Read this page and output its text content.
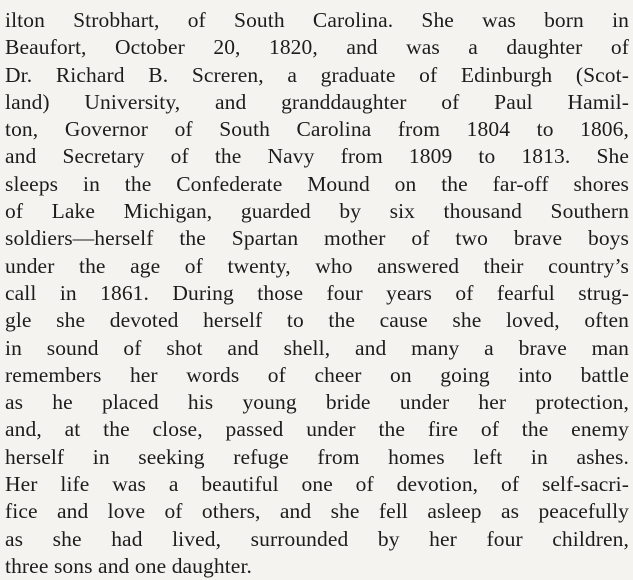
ilton Strobhart, of South Carolina. She was born in
Beaufort, October 20, 1820, and was a daughter of
Dr. Richard B. Screren, a graduate of Edinburgh (Scot-
land) University, and granddaughter of Paul Hamil-
ton, Governor of South Carolina from 1804 to 1806,
and Secretary of the Navy from 1809 to 1813. She
sleeps in the Confederate Mound on the far-off shores
of Lake Michigan, guarded by six thousand Southern
soldiers—herself the Spartan mother of two brave boys
under the age of twenty, who answered their country’s
call in 1861. During those four years of fearful strug-
gle she devoted herself to the cause she loved, often
in sound of shot and shell, and many a brave man
remembers her words of cheer on going into battle
as he placed his young bride under her protection,
and, at the close, passed under the fire of the enemy
herself in seeking refuge from homes left in ashes.
Her life was a beautiful one of devotion, of self-sacri-
fice and love of others, and she fell asleep as peacefully
as she had lived, surrounded by her four children,
three sons and one daughter.
